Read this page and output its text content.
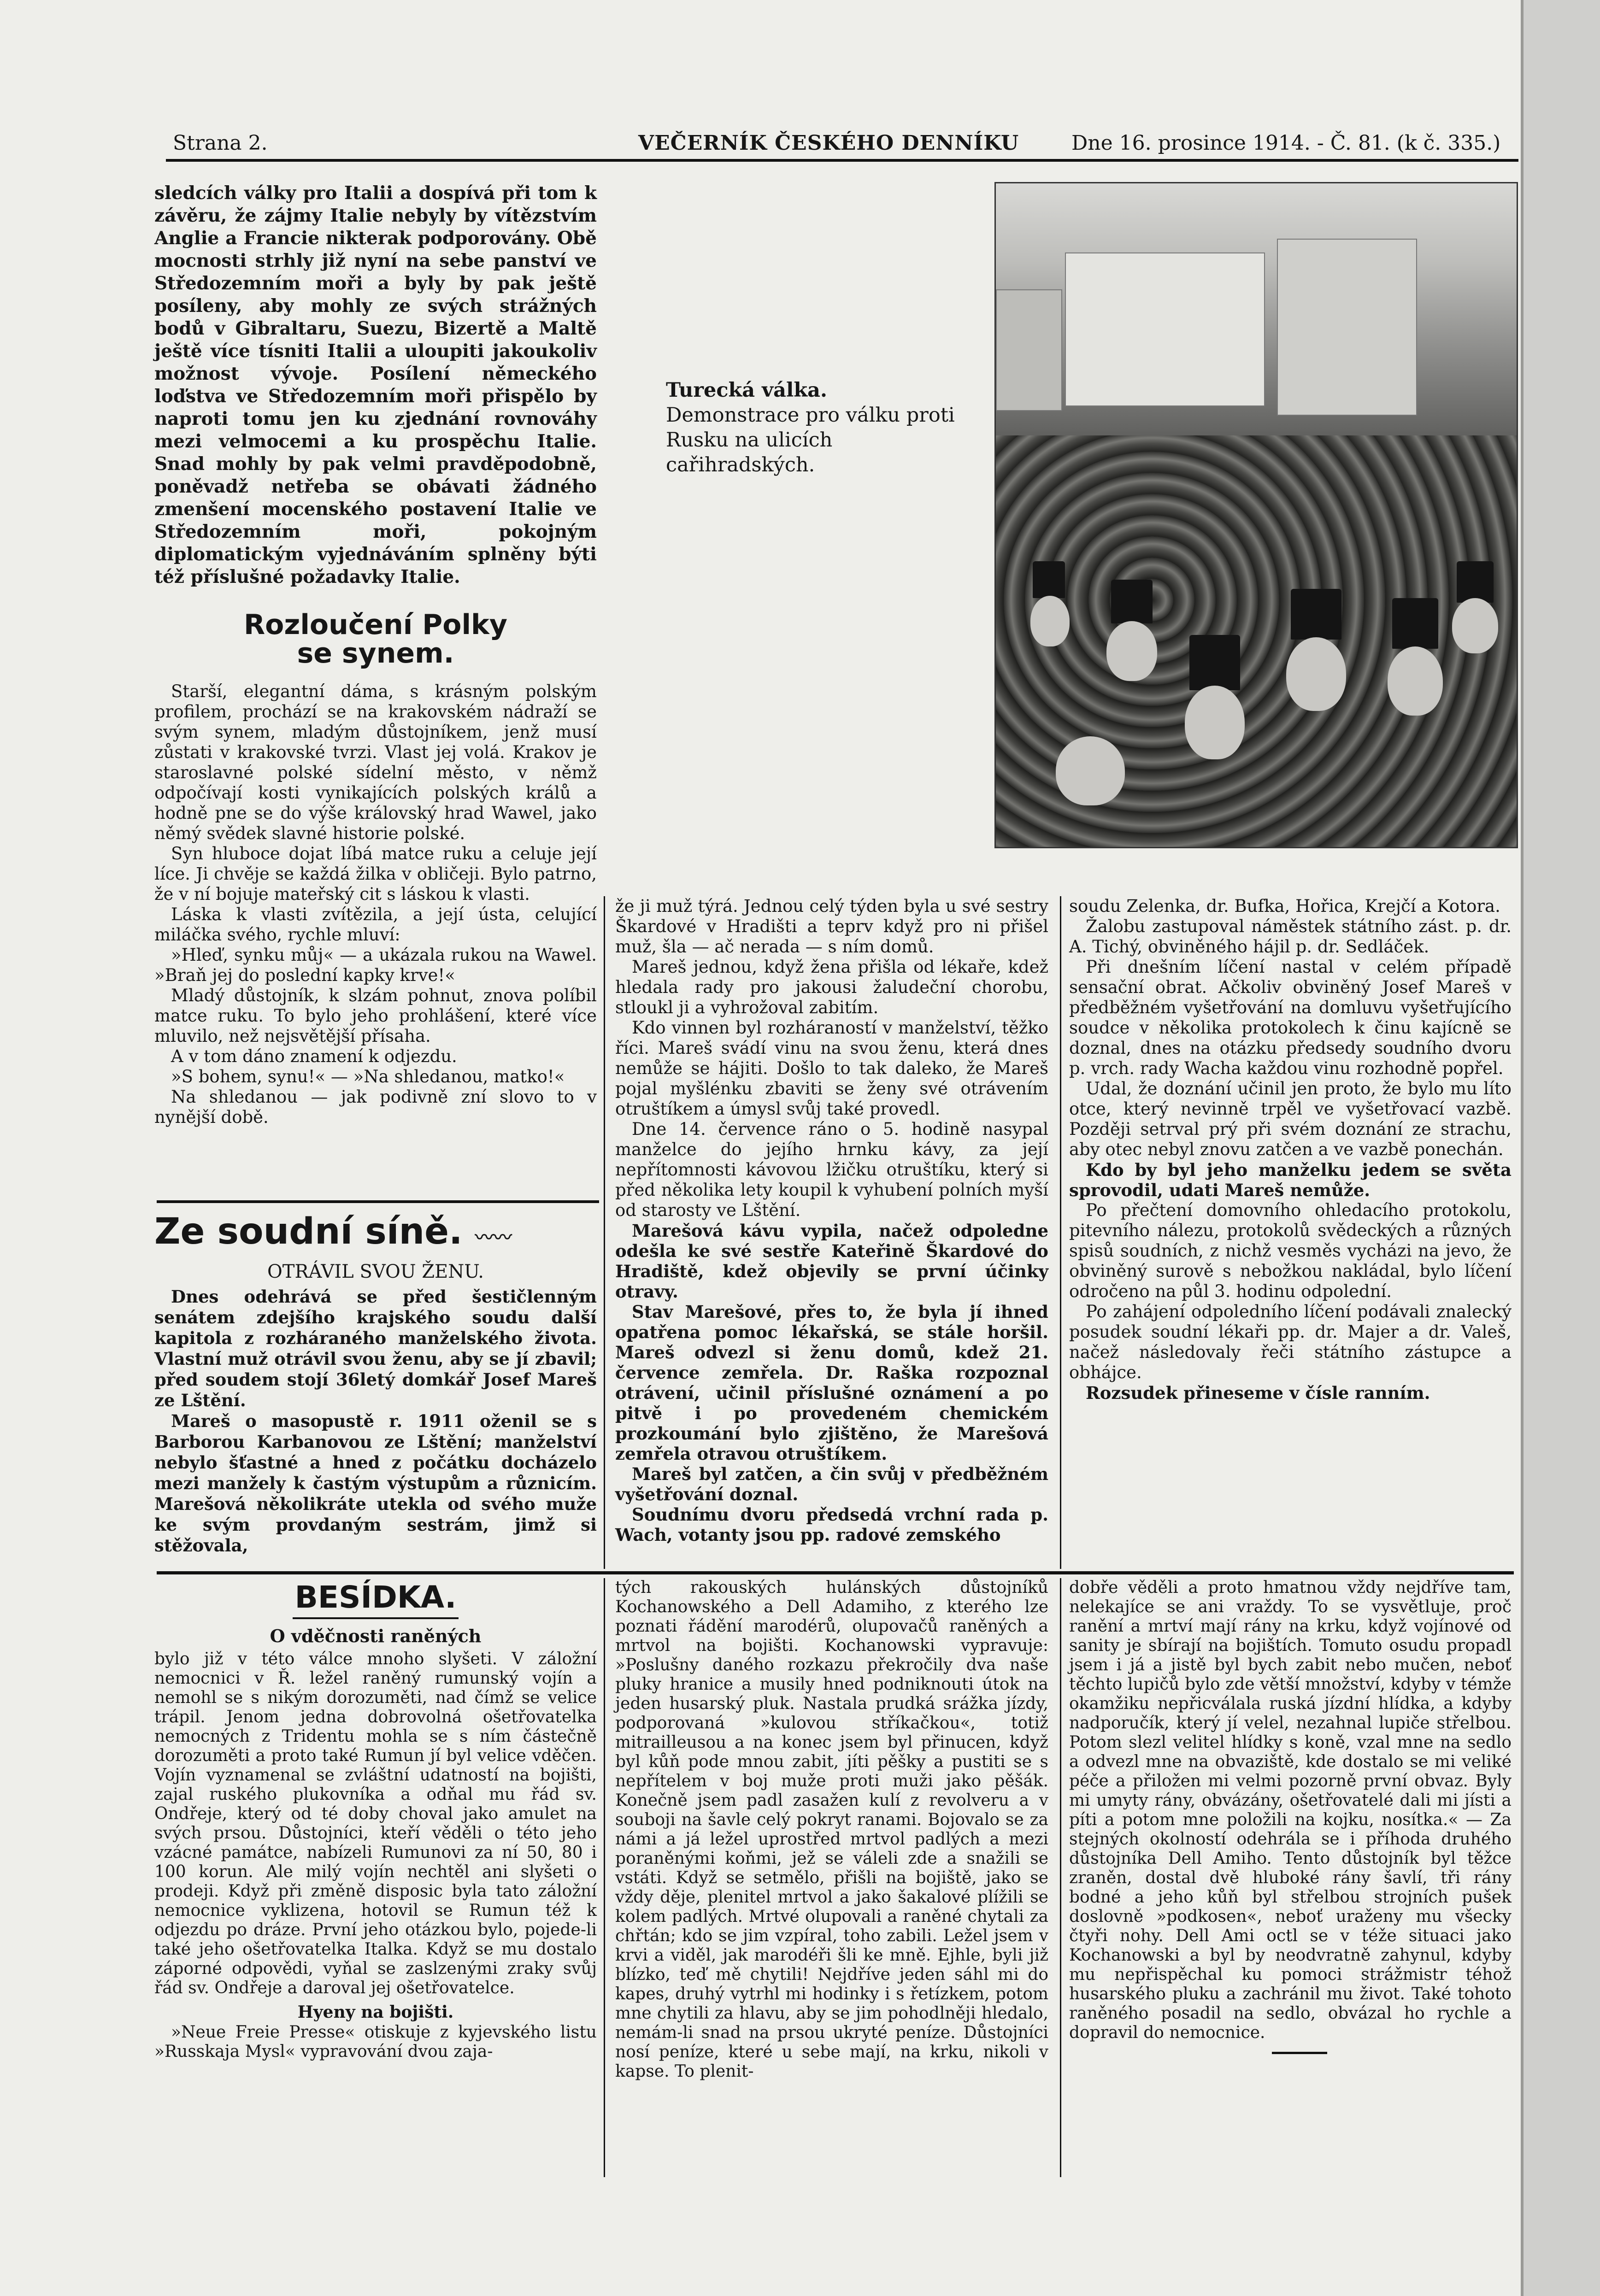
Strana 2.	VEČERNÍK ČESKÉHO DENNÍKU	Dne 16. prosince 1914. - Č. 81. (k č. 335.)

sledcích války pro Italii a dospívá při tom k závěru, že zájmy Italie nebyly by vítězstvím Anglie a Francie nikterak podporovány. Obě mocnosti strhly již nyní na sebe panství ve Středozemním moři a byly by pak ještě posíleny, aby mohly ze svých strážných bodů v Gibraltaru, Suezu, Bizertě a Maltě ještě více tísniti Italii a uloupiti jakoukoliv možnost vývoje. Posílení německého loďstva ve Středozemním moři přispělo by naproti tomu jen ku zjednání rovnováhy mezi velmocemi a ku prospěchu Italie. Snad mohly by pak velmi pravděpodobně, poněvadž netřeba se obávati žádného zmenšení mocenského postavení Italie ve Středozemním moři, pokojným diplomatickým vyjednáváním splněny býti též příslušné požadavky Italie.

Rozloučení Polky
se synem.

Starší, elegantní dáma, s krásným polským profilem, prochází se na krakovském nádraží se svým synem, mladým důstojníkem, jenž musí zůstati v krakovské tvrzi. Vlast jej volá. Krakov je staroslavné polské sídelní město, v němž odpočívají kosti vynikajících polských králů a hodně pne se do výše královský hrad Wawel, jako němý svědek slavné historie polské.

Syn hluboce dojat líbá matce ruku a celuje její líce. Ji chvěje se každá žilka v obličeji. Bylo patrno, že v ní bojuje mateřský cit s láskou k vlasti.

Láska k vlasti zvítězila, a její ústa, celující miláčka svého, rychle mluví:

»Hleď, synku můj« — a ukázala rukou na Wawel. »Braň jej do poslední kapky krve!«

Mladý důstojník, k slzám pohnut, znova políbil matce ruku. To bylo jeho prohlášení, které více mluvilo, než nejsvětější přísaha.

A v tom dáno znamení k odjezdu.

»S bohem, synu!« — »Na shledanou, matko!«

Na shledanou — jak podivně zní slovo to v nynější době.

Turecká válka. Demonstrace pro válku proti Rusku na ulicích cařihradských.
Ze soudní síně. 〰〰
OTRÁVIL SVOU ŽENU.

Dnes odehrává se před šestičlenným senátem zdejšího krajského soudu další kapitola z rozháraného manželského života. Vlastní muž otrávil svou ženu, aby se jí zbavil; před soudem stojí 36letý domkář Josef Mareš ze Lštění.

Mareš o masopustě r. 1911 oženil se s Barborou Karbanovou ze Lštění; manželství nebylo šťastné a hned z počátku docházelo mezi manžely k častým výstupům a různicím. Marešová několikráte utekla od svého muže ke svým provdaným sestrám, jimž si stěžovala,

že ji muž týrá. Jednou celý týden byla u své sestry Škardové v Hradišti a teprv když pro ni přišel muž, šla — ač nerada — s ním domů.

Mareš jednou, když žena přišla od lékaře, kdež hledala rady pro jakousi žaludeční chorobu, stloukl ji a vyhrožoval zabitím.

Kdo vinnen byl rozháraností v manželství, těžko říci. Mareš svádí vinu na svou ženu, která dnes nemůže se hájiti. Došlo to tak daleko, že Mareš pojal myšlénku zbaviti se ženy své otrávením otruštíkem a úmysl svůj také provedl.

Dne 14. července ráno o 5. hodině nasypal manželce do jejího hrnku kávy, za její nepřítomnosti kávovou lžičku otruštíku, který si před několika lety koupil k vyhubení polních myší od starosty ve Lštění.

Marešová kávu vypila, načež odpoledne odešla ke své sestře Kateřině Škardové do Hradiště, kdež objevily se první účinky otravy.

Stav Marešové, přes to, že byla jí ihned opatřena pomoc lékařská, se stále horšil. Mareš odvezl si ženu domů, kdež 21. července zemřela. Dr. Raška rozpoznal otrávení, učinil příslušné oznámení a po pitvě i po provedeném chemickém prozkoumání bylo zjištěno, že Marešová zemřela otravou otruštíkem.

Mareš byl zatčen, a čin svůj v předběžném vyšetřování doznal.

Soudnímu dvoru předsedá vrchní rada p. Wach, votanty jsou pp. radové zemského

soudu Zelenka, dr. Bufka, Hořica, Krejčí a Kotora.

Žalobu zastupoval náměstek státního zást. p. dr. A. Tichý, obviněného hájil p. dr. Sedláček.

Při dnešním líčení nastal v celém případě sensační obrat. Ačkoliv obviněný Josef Mareš v předběžném vyšetřování na domluvu vyšetřujícího soudce v několika protokolech k činu kajícně se doznal, dnes na otázku předsedy soudního dvoru p. vrch. rady Wacha každou vinu rozhodně popřel.

Udal, že doznání učinil jen proto, že bylo mu líto otce, který nevinně trpěl ve vyšetřovací vazbě. Později setrval prý při svém doznání ze strachu, aby otec nebyl znovu zatčen a ve vazbě ponechán.

Kdo by byl jeho manželku jedem se světa sprovodil, udati Mareš nemůže.

Po přečtení domovního ohledacího protokolu, pitevního nálezu, protokolů svědeckých a různých spisů soudních, z nichž vesměs vycházi na jevo, že obviněný surově s nebožkou nakládal, bylo líčení odročeno na půl 3. hodinu odpolední.

Po zahájení odpoledního líčení podávali znalecký posudek soudní lékaři pp. dr. Majer a dr. Valeš, načež následovaly řeči státního zástupce a obhájce.

Rozsudek přineseme v čísle ranním.

BESÍDKA.
O vděčnosti raněných

bylo již v této válce mnoho slyšeti. V záložní nemocnici v Ř. ležel raněný rumunský vojín a nemohl se s nikým dorozuměti, nad čímž se velice trápil. Jenom jedna dobrovolná ošetřovatelka nemocných z Tridentu mohla se s ním částečně dorozuměti a proto také Rumun jí byl velice vděčen. Vojín vyznamenal se zvláštní udatností na bojišti, zajal ruského plukovníka a odňal mu řád sv. Ondřeje, který od té doby choval jako amulet na svých prsou. Důstojníci, kteří věděli o této jeho vzácné památce, nabízeli Rumunovi za ní 50, 80 i 100 korun. Ale milý vojín nechtěl ani slyšeti o prodeji. Když při změně disposic byla tato záložní nemocnice vyklizena, hotovil se Rumun též k odjezdu po dráze. První jeho otázkou bylo, pojede-li také jeho ošetřovatelka Italka. Když se mu dostalo záporné odpovědi, vyňal se zaslzenými zraky svůj řád sv. Ondřeje a daroval jej ošetřovatelce.

Hyeny na bojišti.

»Neue Freie Presse« otiskuje z kyjevského listu »Russkaja Mysl« vypravování dvou zaja-

tých rakouských hulánských důstojníků Kochanowského a Dell Adamiho, z kterého lze poznati řádění marodérů, olupovačů raněných a mrtvol na bojišti. Kochanowski vypravuje: »Poslušny daného rozkazu překročily dva naše pluky hranice a musily hned podniknouti útok na jeden husarský pluk. Nastala prudká srážka jízdy, podporovaná »kulovou stříkačkou«, totiž mitrailleusou a na konec jsem byl přinucen, když byl kůň pode mnou zabit, jíti pěšky a pustiti se s nepřítelem v boj muže proti muži jako pěšák. Konečně jsem padl zasažen kulí z revolveru a v souboji na šavle celý pokryt ranami. Bojovalo se za námi a já ležel uprostřed mrtvol padlých a mezi poraněnými koňmi, jež se váleli zde a snažili se vstáti. Když se setmělo, přišli na bojiště, jako se vždy děje, plenitel mrtvol a jako šakalové plížili se kolem padlých. Mrtvé olupovali a raněné chytali za chřtán; kdo se jim vzpíral, toho zabili. Ležel jsem v krvi a viděl, jak marodéři šli ke mně. Ejhle, byli již blízko, teď mě chytili! Nejdříve jeden sáhl mi do kapes, druhý vytrhl mi hodinky i s řetízkem, potom mne chytili za hlavu, aby se jim pohodlněji hledalo, nemám-li snad na prsou ukryté peníze. Důstojníci nosí peníze, které u sebe mají, na krku, nikoli v kapse. To plenit-

dobře věděli a proto hmatnou vždy nejdříve tam, nelekajíce se ani vraždy. To se vysvětluje, proč ranění a mrtví mají rány na krku, když vojínové od sanity je sbírají na bojištích. Tomuto osudu propadl jsem i já a jistě byl bych zabit nebo mučen, neboť těchto lupičů bylo zde větší množství, kdyby v témže okamžiku nepřicválala ruská jízdní hlídka, a kdyby nadporučík, který jí velel, nezahnal lupiče střelbou. Potom slezl velitel hlídky s koně, vzal mne na sedlo a odvezl mne na obvaziště, kde dostalo se mi veliké péče a přiložen mi velmi pozorně první obvaz. Byly mi umyty rány, obvázány, ošetřovatelé dali mi jísti a píti a potom mne položili na kojku, nosítka.« — Za stejných okolností odehrála se i příhoda druhého důstojníka Dell Amiho. Tento důstojník byl těžce zraněn, dostal dvě hluboké rány šavlí, tři rány bodné a jeho kůň byl střelbou strojních pušek doslovně »podkosen«, neboť uraženy mu všecky čtyři nohy. Dell Ami octl se v téže situaci jako Kochanowski a byl by neodvratně zahynul, kdyby mu nepřispěchal ku pomoci strážmistr téhož husarského pluku a zachránil mu život. Také tohoto raněného posadil na sedlo, obvázal ho rychle a dopravil do nemocnice.
